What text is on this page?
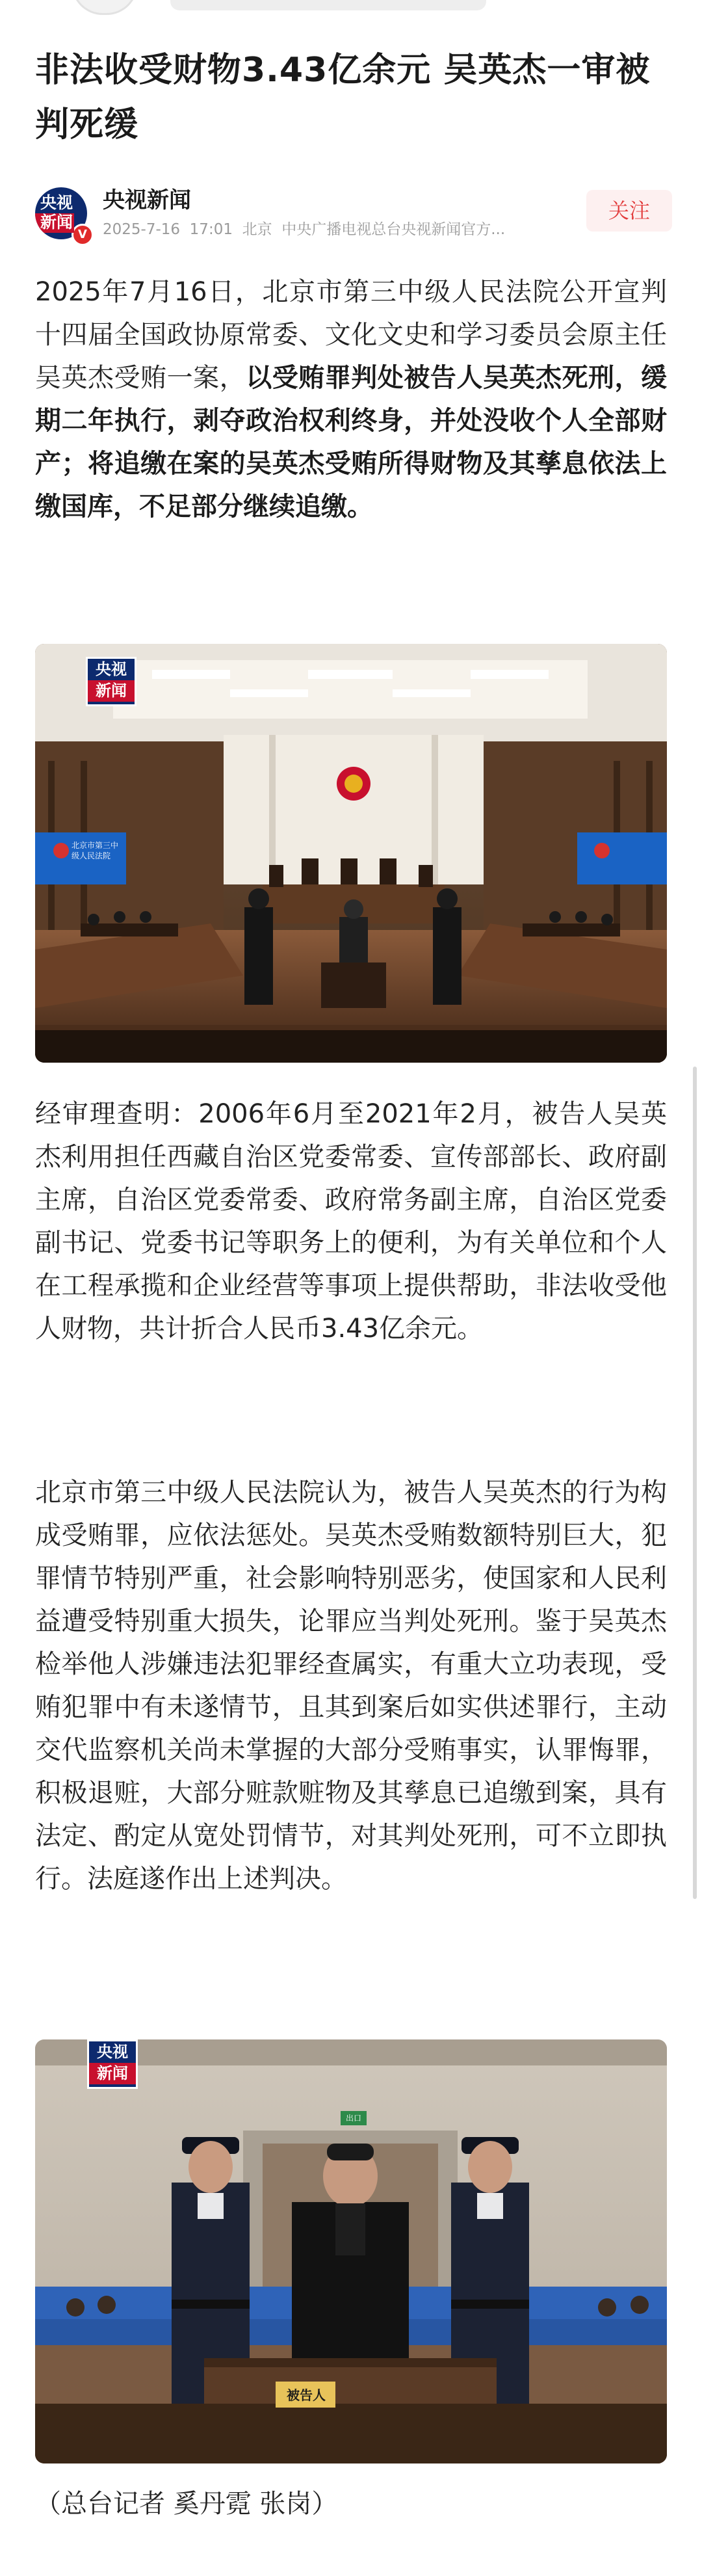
非法收受财物3.43亿余元 吴英杰一审被判死缓
央视
新闻
V
央视新闻
2025-7-16 17:01 北京 中央广播电视总台央视新闻官方...
关注

2025年7月16日，北京市第三中级人民法院公开宣判十四届全国政协原常委、文化文史和学习委员会原主任吴英杰受贿一案，以受贿罪判处被告人吴英杰死刑，缓期二年执行，剥夺政治权利终身，并处没收个人全部财产；将追缴在案的吴英杰受贿所得财物及其孳息依法上缴国库，不足部分继续追缴。

央视
新闻
北京市第三中级人民法院

经审理查明：2006年6月至2021年2月，被告人吴英杰利用担任西藏自治区党委常委、宣传部部长、政府副主席，自治区党委常委、政府常务副主席，自治区党委副书记、党委书记等职务上的便利，为有关单位和个人在工程承揽和企业经营等事项上提供帮助，非法收受他人财物，共计折合人民币3.43亿余元。

北京市第三中级人民法院认为，被告人吴英杰的行为构成受贿罪，应依法惩处。吴英杰受贿数额特别巨大，犯罪情节特别严重，社会影响特别恶劣，使国家和人民利益遭受特别重大损失，论罪应当判处死刑。鉴于吴英杰检举他人涉嫌违法犯罪经查属实，有重大立功表现，受贿犯罪中有未遂情节，且其到案后如实供述罪行，主动交代监察机关尚未掌握的大部分受贿事实，认罪悔罪，积极退赃，大部分赃款赃物及其孳息已追缴到案，具有法定、酌定从宽处罚情节，对其判处死刑，可不立即执行。法庭遂作出上述判决。

央视
新闻
被告人
出口
（总台记者 奚丹霓 张岗）
